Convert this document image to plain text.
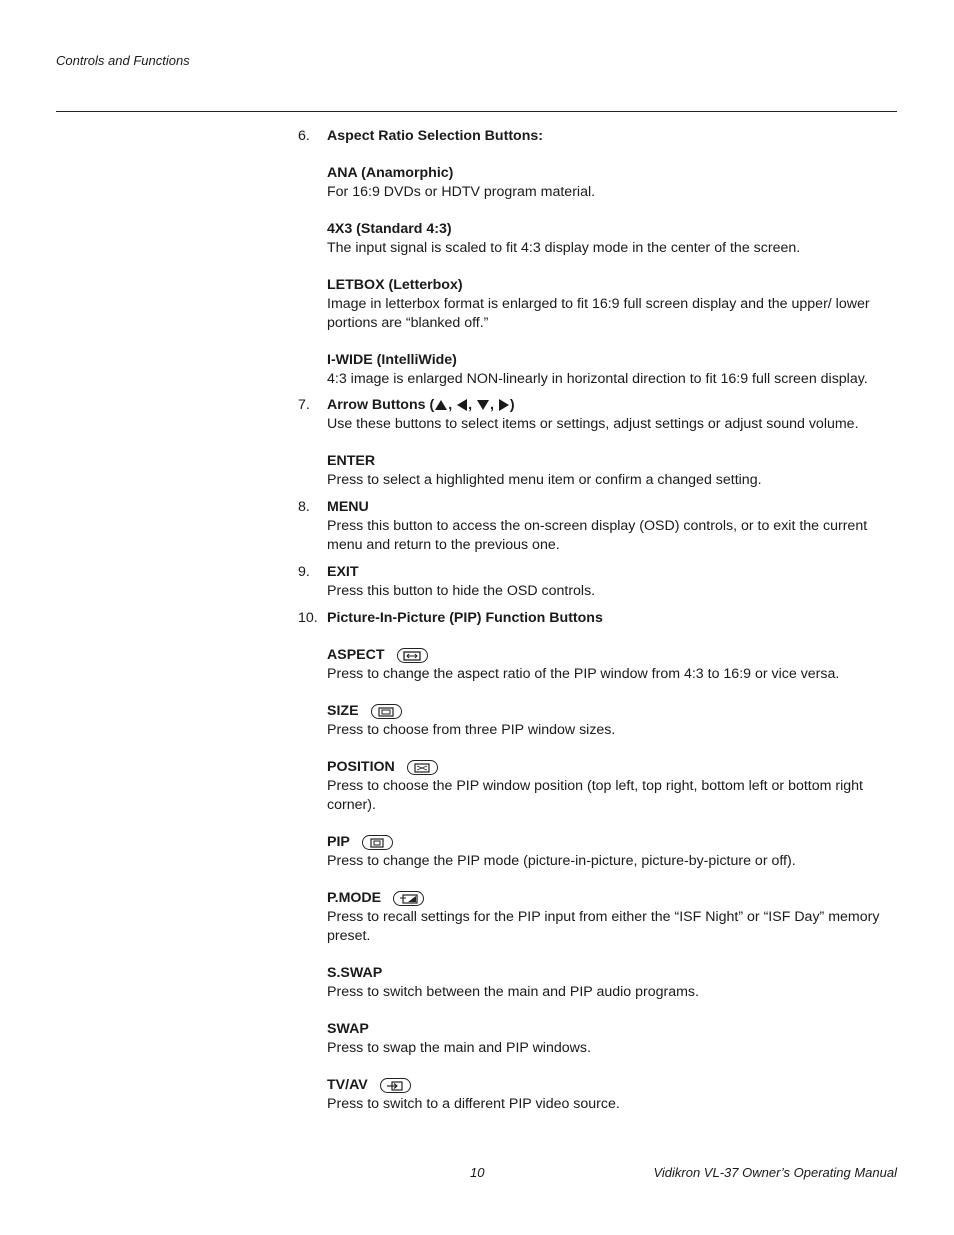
Controls and Functions
6.	Aspect Ratio Selection Buttons:
ANA (Anamorphic)
For 16:9 DVDs or HDTV program material.
4X3 (Standard 4:3)
The input signal is scaled to fit 4:3 display mode in the center of the screen.
LETBOX (Letterbox)
Image in letterbox format is enlarged to fit 16:9 full screen display and the upper/ lower portions are “blanked off.”
I-WIDE (IntelliWide)
4:3 image is enlarged NON-linearly in horizontal direction to fit 16:9 full screen display.
7.	Arrow Buttons ( , , , )
Use these buttons to select items or settings, adjust settings or adjust sound volume.
ENTER
Press to select a highlighted menu item or confirm a changed setting.
8.	MENU
Press this button to access the on-screen display (OSD) controls, or to exit the current menu and return to the previous one.
9.	EXIT
Press this button to hide the OSD controls.
10. Picture-In-Picture (PIP) Function Buttons
ASPECT
Press to change the aspect ratio of the PIP window from 4:3 to 16:9 or vice versa.
SIZE
Press to choose from three PIP window sizes.
POSITION
Press to choose the PIP window position (top left, top right, bottom left or bottom right corner).
PIP
Press to change the PIP mode (picture-in-picture, picture-by-picture or off).
P.MODE
Press to recall settings for the PIP input from either the “ISF Night” or “ISF Day” memory preset.
S.SWAP
Press to switch between the main and PIP audio programs.
SWAP
Press to swap the main and PIP windows.
TV/AV
Press to switch to a different PIP video source.
10	Vidikron VL-37 Owner’s Operating Manual
